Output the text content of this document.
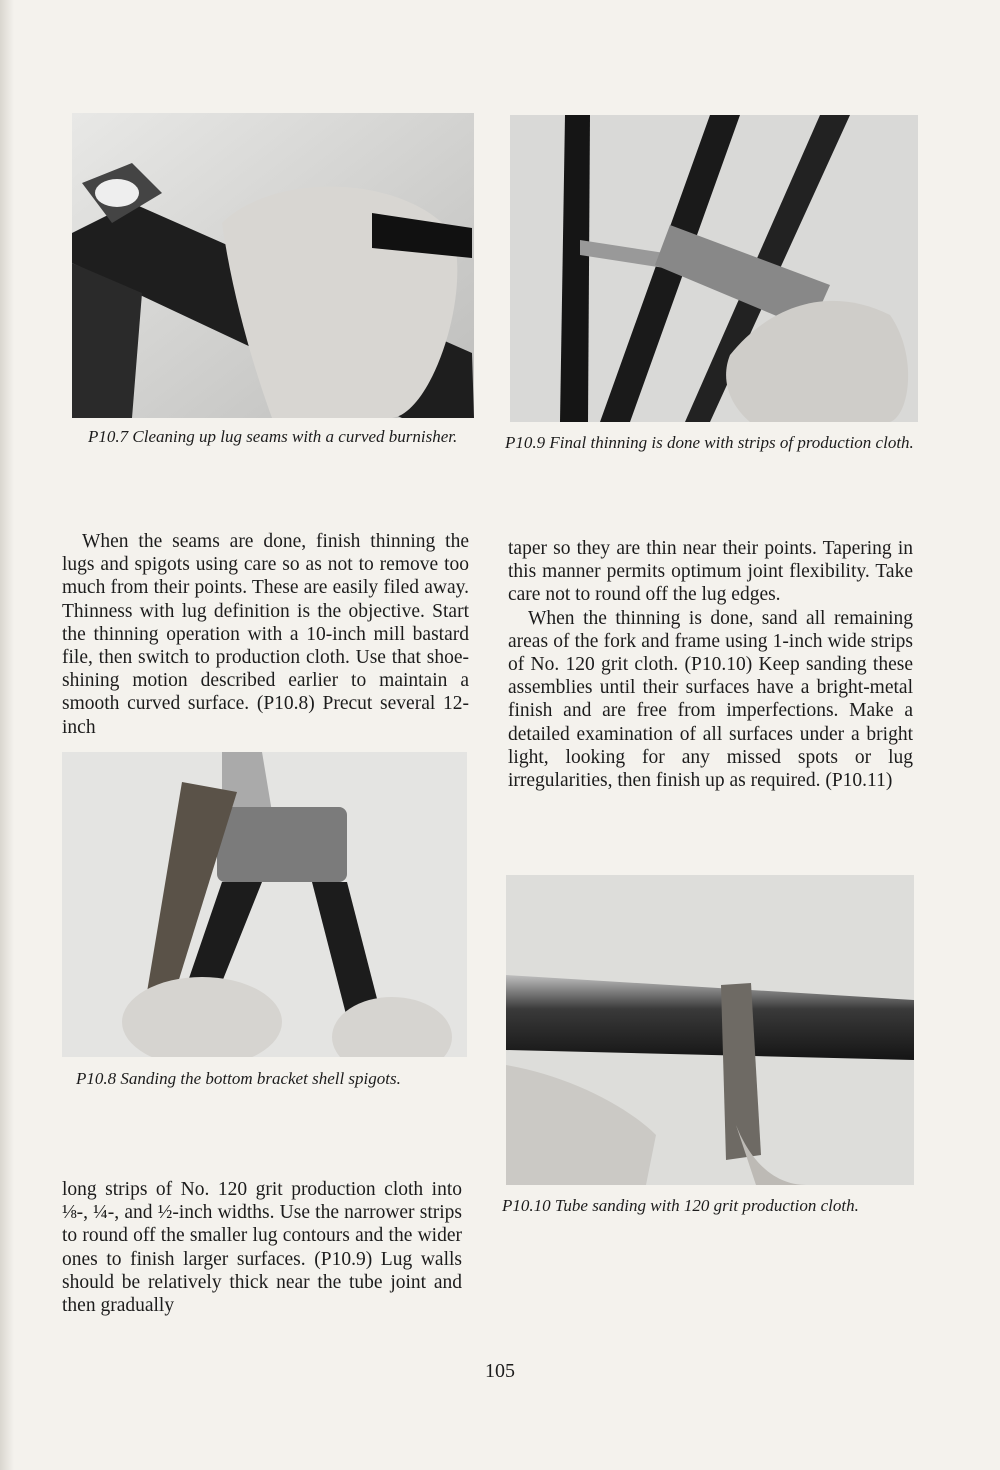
P10.7 Cleaning up lug seams with a curved burnisher.	P10.9 Final thinning is done with strips of production cloth.

When the seams are done, finish thinning the lugs and spigots using care so as not to remove too much from their points. These are easily filed away. Thinness with lug definition is the objective. Start the thinning operation with a 10-inch mill bastard file, then switch to production cloth. Use that shoe-shining motion described earlier to maintain a smooth curved surface. (P10.8) Precut several 12-inch

taper so they are thin near their points. Tapering in this manner permits optimum joint flexibility. Take care not to round off the lug edges.

When the thinning is done, sand all remaining areas of the fork and frame using 1-inch wide strips of No. 120 grit cloth. (P10.10) Keep sanding these assemblies until their surfaces have a bright-metal finish and are free from imperfections. Make a detailed examination of all surfaces under a bright light, looking for any missed spots or lug irregularities, then finish up as required. (P10.11)

P10.8 Sanding the bottom bracket shell spigots.

P10.10 Tube sanding with 120 grit production cloth.

long strips of No. 120 grit production cloth into ⅛-, ¼-, and ½-inch widths. Use the narrower strips to round off the smaller lug contours and the wider ones to finish larger surfaces. (P10.9) Lug walls should be relatively thick near the tube joint and then gradually

105
